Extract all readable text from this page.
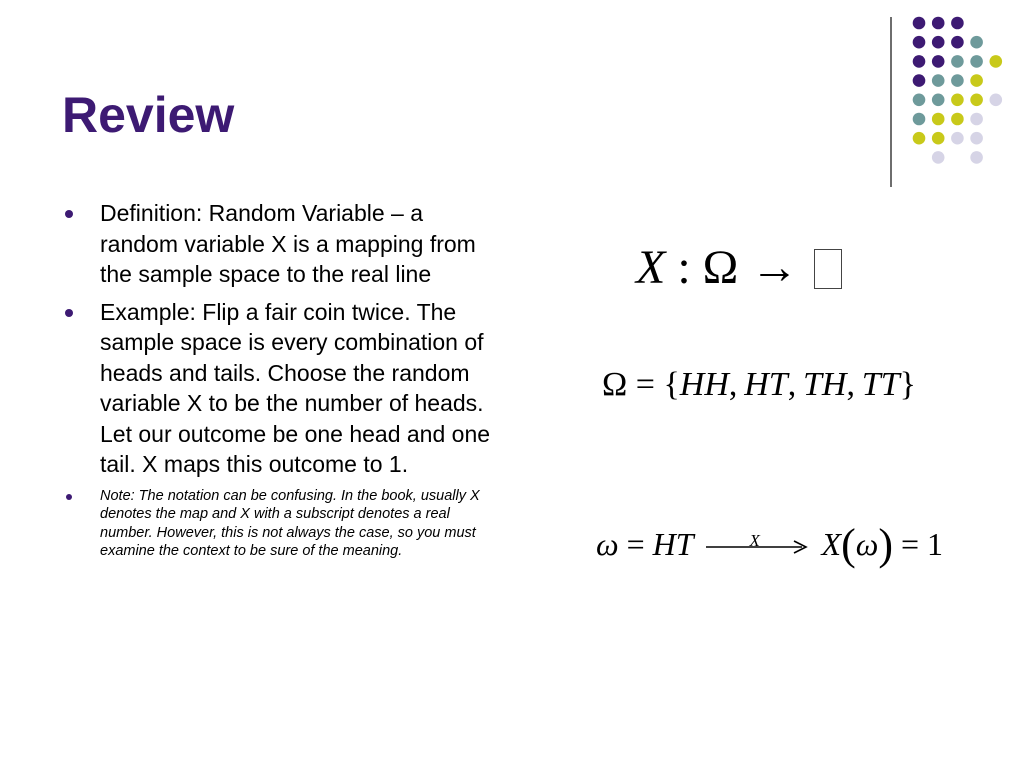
Review
Definition: Random Variable – a random variable X is a mapping from the sample space to the real line
Example: Flip a fair coin twice. The sample space is every combination of heads and tails. Choose the random variable X to be the number of heads. Let our outcome be one head and one tail. X maps this outcome to 1.
Note: The notation can be confusing. In the book, usually X denotes the map and X with a subscript denotes a real number. However, this is not always the case, so you must examine the context to be sure of the meaning.
X : Ω →
Ω = {HH, HT, TH, TT}
ω = HT	X X(ω) = 1
